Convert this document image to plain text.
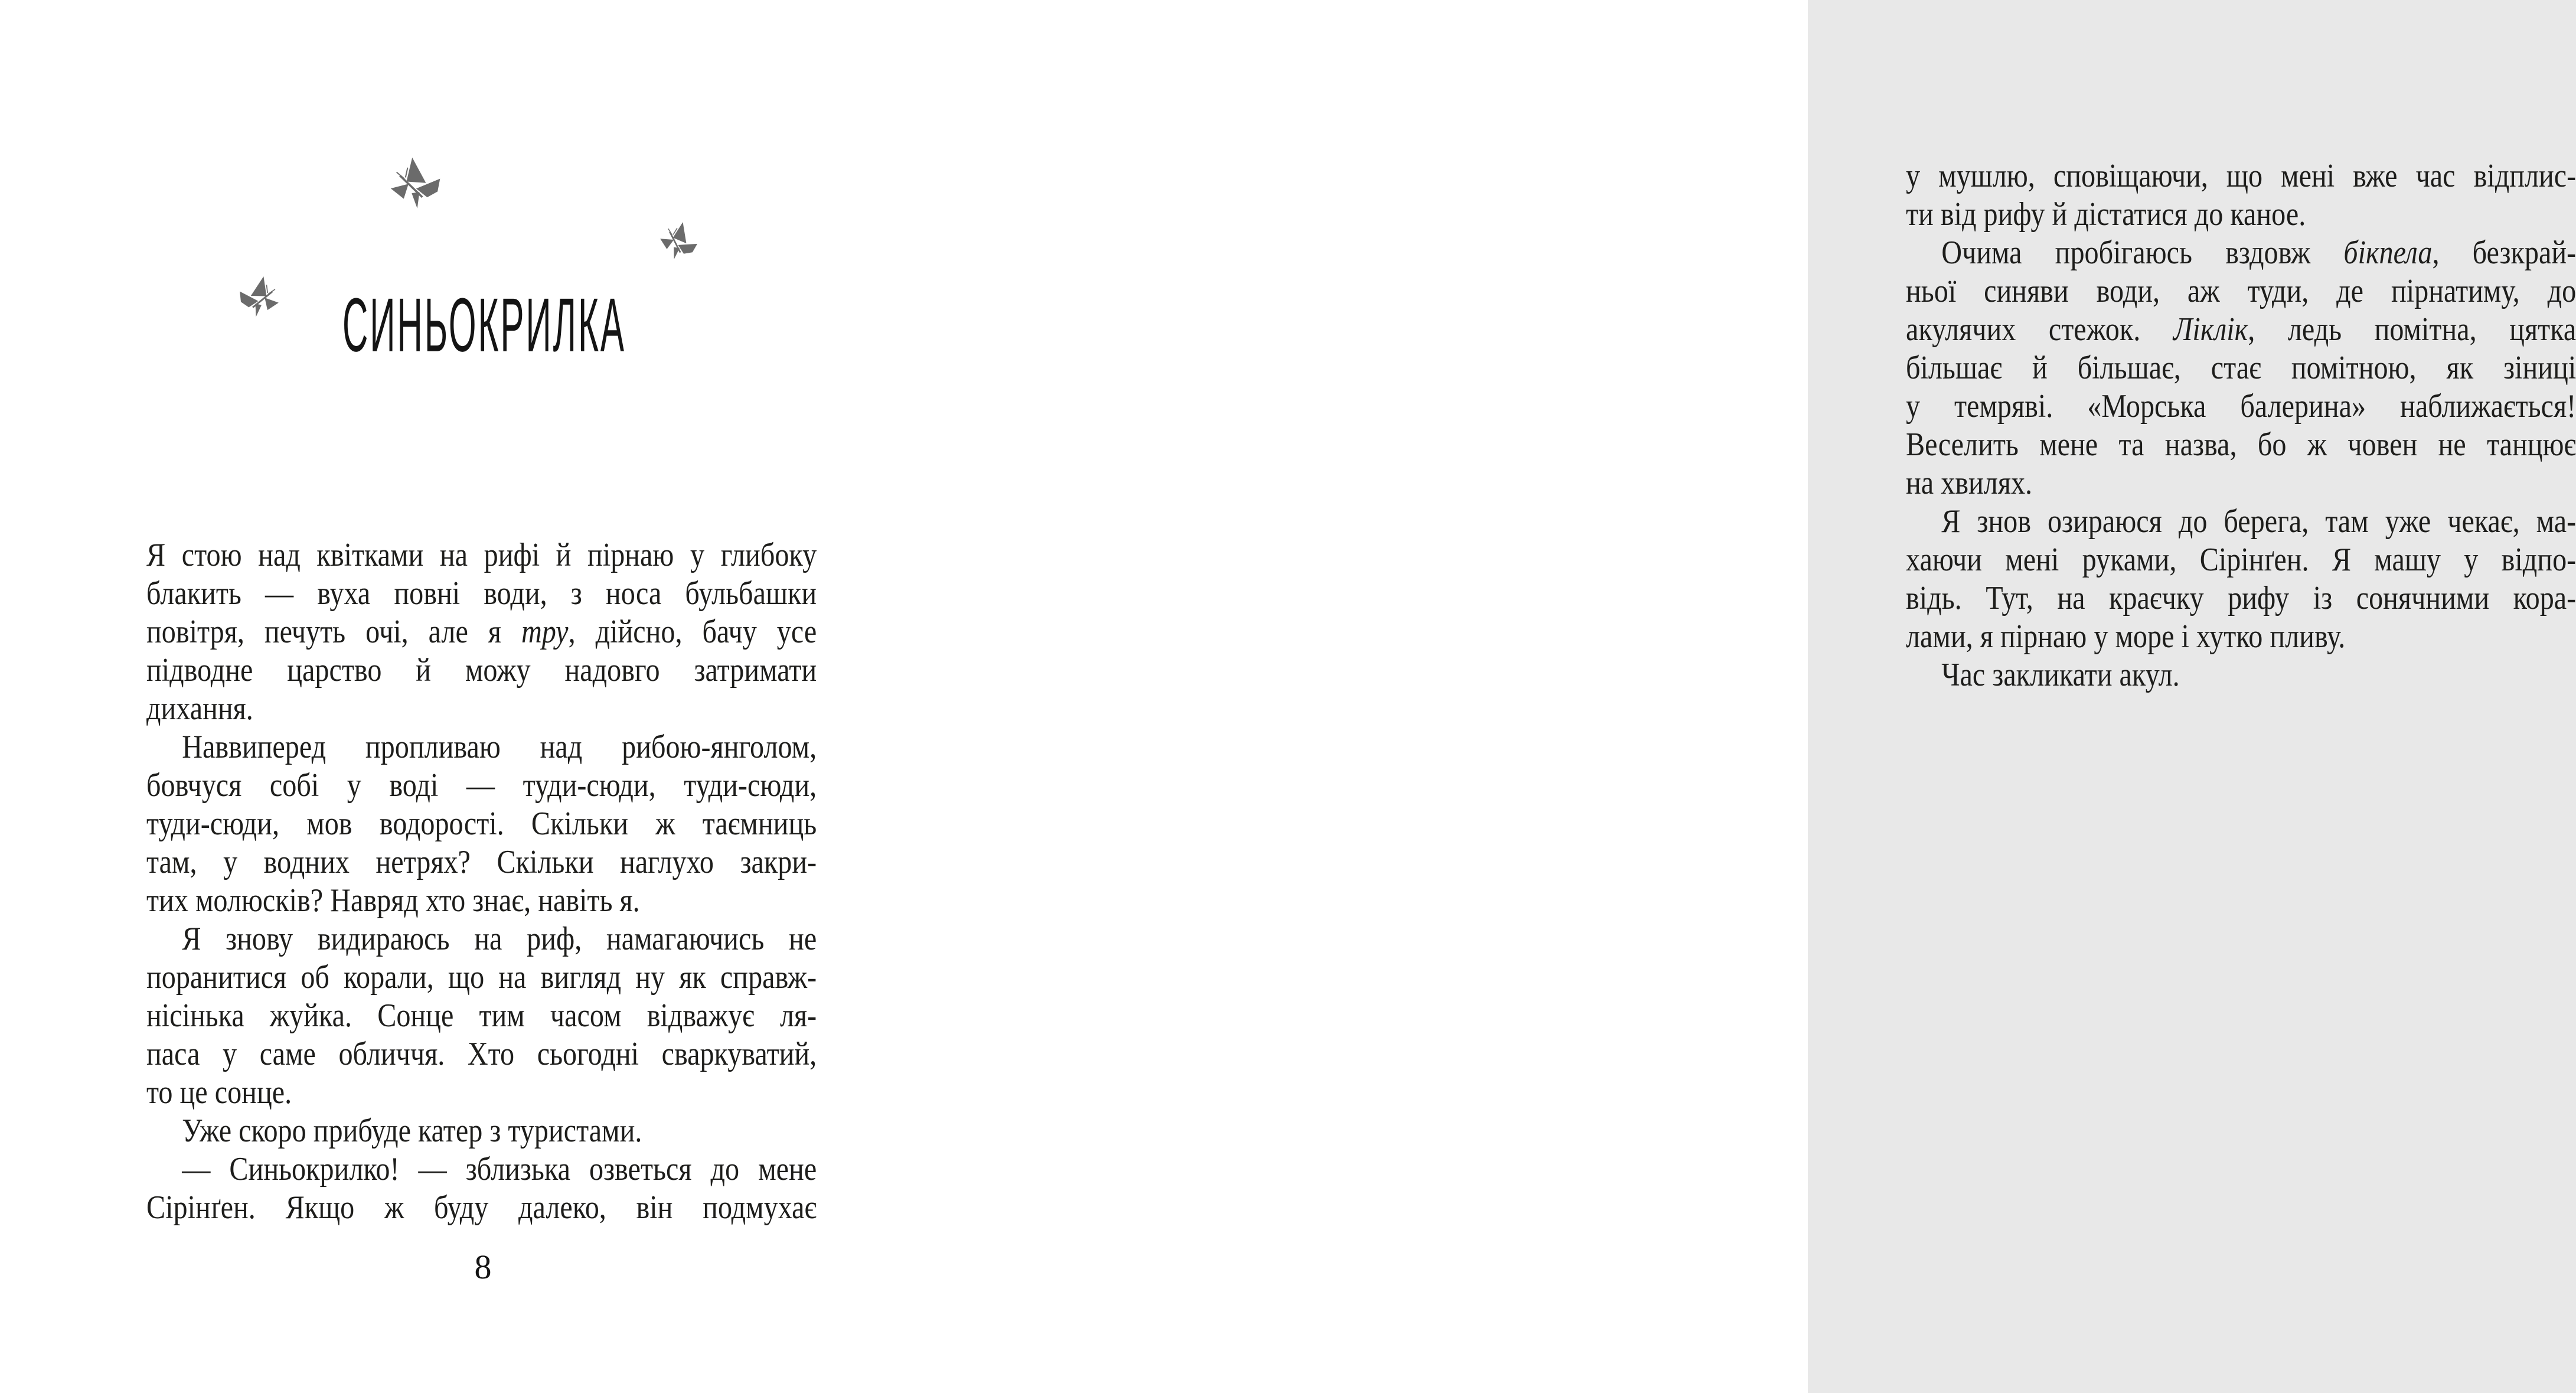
СИНЬОКРИЛКА
Я стою над квітками на рифі й пірнаю у глибоку
блакить — вуха повні води, з носа бульбашки
повітря, печуть очі, але я тру, дійсно, бачу усе
підводне царство й можу надовго затримати
дихання.
Наввиперед пропливаю над рибою-янголом,
бовчуся собі у воді — туди-сюди, туди-сюди,
туди-сюди, мов водорості. Скільки ж таємниць
там, у водних нетрях? Скільки наглухо закри-
тих молюсків? Навряд хто знає, навіть я.
Я знову видираюсь на риф, намагаючись не
поранитися об корали, що на вигляд ну як справж-
нісінька жуйка. Сонце тим часом відважує ля-
паса у саме обличчя. Хто сьогодні сваркуватий,
то це сонце.
Уже скоро прибуде катер з туристами.
— Синьокрилко! — зблизька озветься до мене
Сірінґен. Якщо ж буду далеко, він подмухає
8
у мушлю, сповіщаючи, що мені вже час відплис-
ти від рифу й дістатися до каное.
Очима пробігаюсь вздовж бікпела, безкрай-
ньої синяви води, аж туди, де пірнатиму, до
акулячих стежок. Ліклік, ледь помітна, цятка
більшає й більшає, стає помітною, як зіниці
у темряві. «Морська балерина» наближається!
Веселить мене та назва, бо ж човен не танцює
на хвилях.
Я знов озираюся до берега, там уже чекає, ма-
хаючи мені руками, Сірінґен. Я машу у відпо-
відь. Тут, на краєчку рифу із сонячними кора-
лами, я пірнаю у море і хутко пливу.
Час закликати акул.
